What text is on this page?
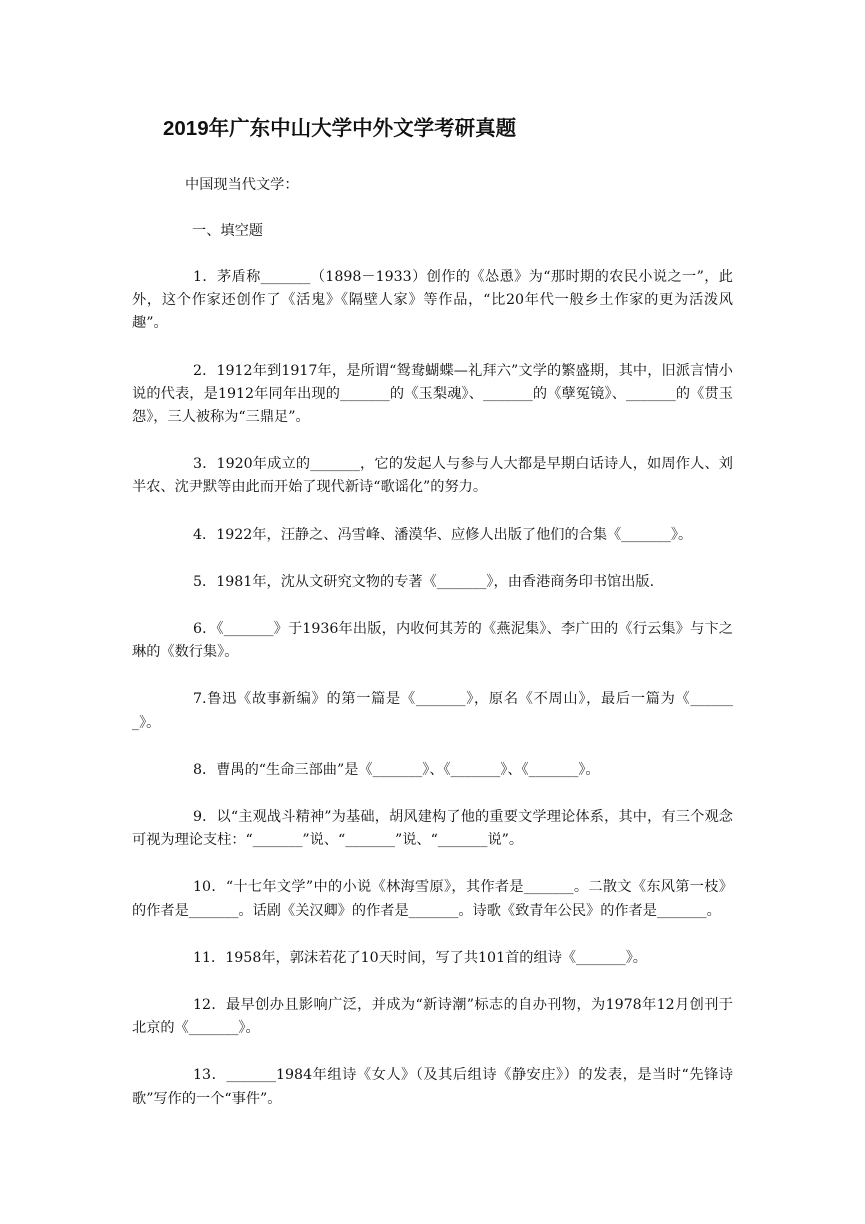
2019年广东中山大学中外文学考研真题

中国现当代文学：

一、填空题

1．茅盾称_______（1898－1933）创作的《怂恿》为“那时期的农民小说之一”，此外，这个作家还创作了《活鬼》《隔壁人家》等作品，“比20年代一般乡土作家的更为活泼风趣”。
2．1912年到1917年，是所谓“鸳鸯蝴蝶—礼拜六”文学的繁盛期，其中，旧派言情小说的代表，是1912年同年出现的_______的《玉梨魂》、_______的《孽冤镜》、_______的《贯玉怨》，三人被称为“三鼎足”。
3．1920年成立的_______，它的发起人与参与人大都是早期白话诗人，如周作人、刘半农、沈尹默等由此而开始了现代新诗“歌谣化”的努力。
4．1922年，汪静之、冯雪峰、潘漠华、应修人出版了他们的合集《_______》。
5．1981年，沈从文研究文物的专著《_______》，由香港商务印书馆出版.
6．《_______》于1936年出版，内收何其芳的《燕泥集》、李广田的《行云集》与卞之琳的《数行集》。
7.鲁迅《故事新编》的第一篇是《_______》，原名《不周山》，最后一篇为《_______》。
8．曹禺的“生命三部曲”是《_______》、《_______》、《_______》。
9．以“主观战斗精神”为基础，胡风建构了他的重要文学理论体系，其中，有三个观念可视为理论支柱：“_______”说、“_______”说、“_______说”。
10．“十七年文学”中的小说《林海雪原》，其作者是_______。二散文《东风第一枝》的作者是_______。话剧《关汉卿》的作者是_______。诗歌《致青年公民》的作者是_______。
11．1958年，郭沫若花了10天时间，写了共101首的组诗《_______》。
12．最早创办且影响广泛，并成为“新诗潮”标志的自办刊物，为1978年12月创刊于北京的《_______》。
13．_______1984年组诗《女人》（及其后组诗《静安庄》）的发表，是当时“先锋诗歌”写作的一个“事件”。
